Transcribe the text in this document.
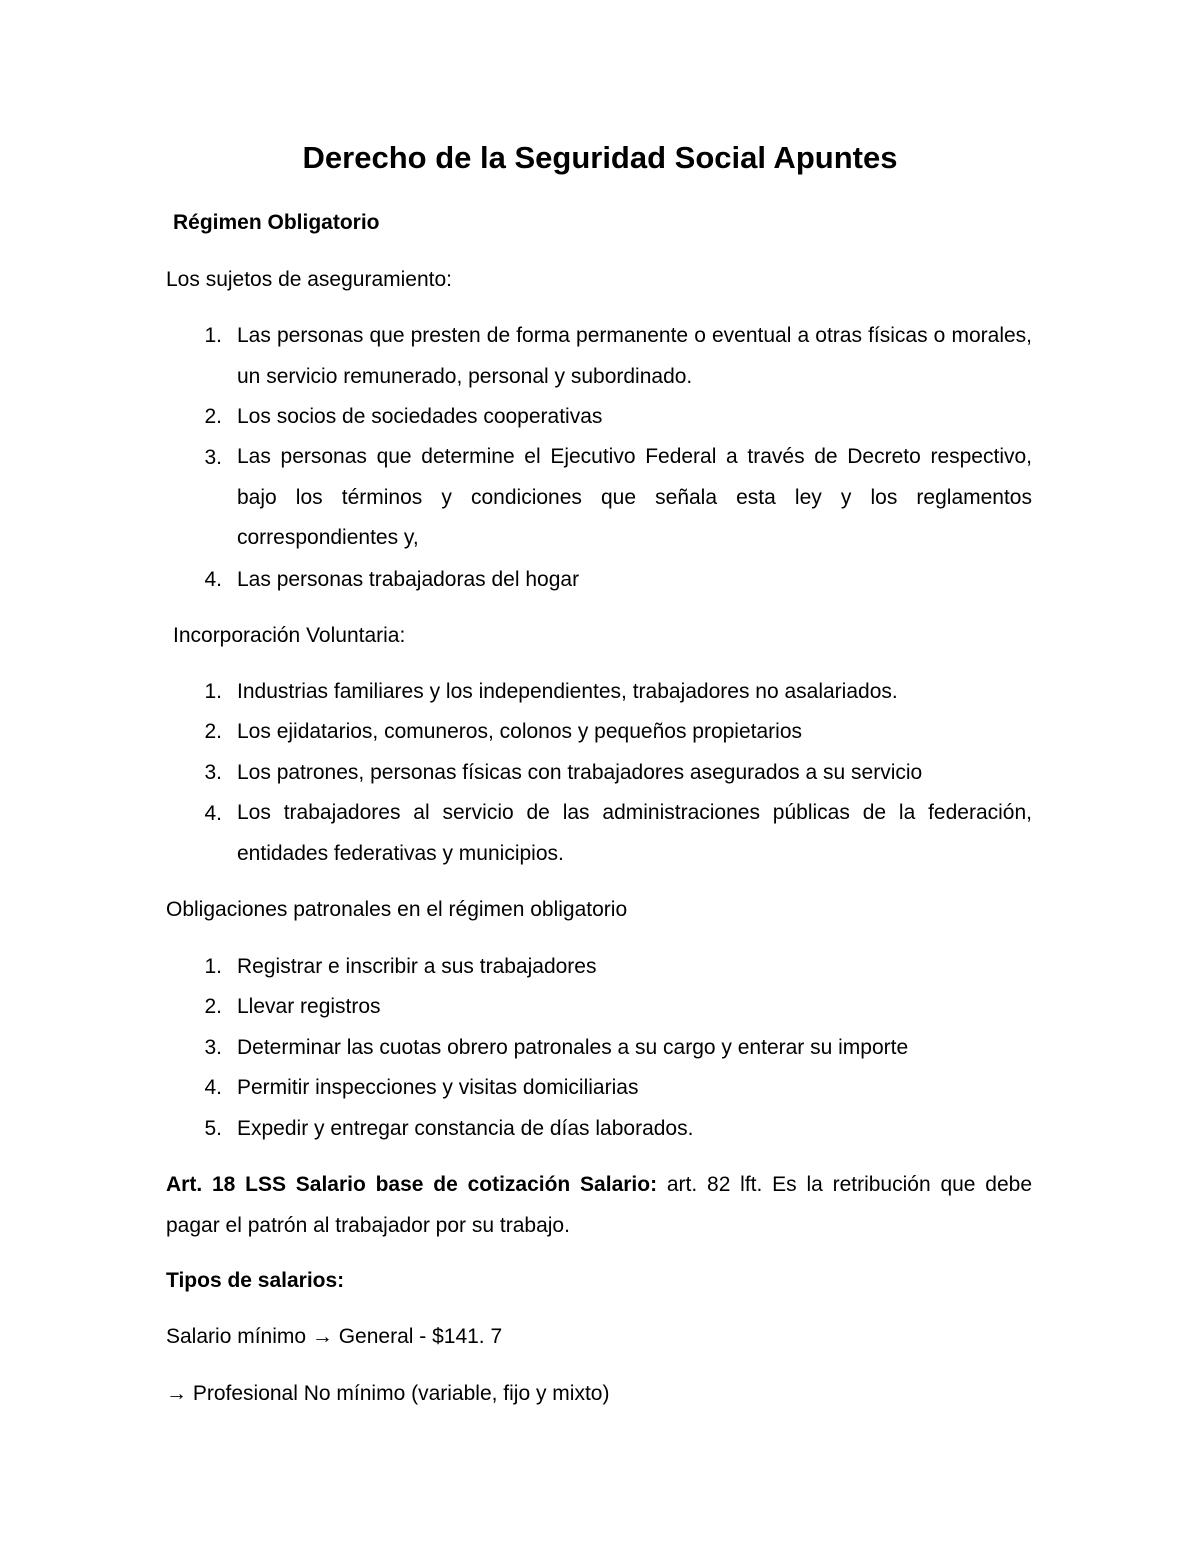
Derecho de la Seguridad Social Apuntes
Régimen Obligatorio
Los sujetos de aseguramiento:
1. Las personas que presten de forma permanente o eventual a otras físicas o morales, un servicio remunerado, personal y subordinado.
2. Los socios de sociedades cooperativas
3. Las personas que determine el Ejecutivo Federal a través de Decreto respectivo, bajo los términos y condiciones que señala esta ley y los reglamentos correspondientes y,
4. Las personas trabajadoras del hogar
Incorporación Voluntaria:
1. Industrias familiares y los independientes, trabajadores no asalariados.
2. Los ejidatarios, comuneros, colonos y pequeños propietarios
3. Los patrones, personas físicas con trabajadores asegurados a su servicio
4. Los trabajadores al servicio de las administraciones públicas de la federación, entidades federativas y municipios.
Obligaciones patronales en el régimen obligatorio
1. Registrar e inscribir a sus trabajadores
2. Llevar registros
3. Determinar las cuotas obrero patronales a su cargo y enterar su importe
4. Permitir inspecciones y visitas domiciliarias
5. Expedir y entregar constancia de días laborados.
Art. 18 LSS Salario base de cotización Salario: art. 82 lft. Es la retribución que debe pagar el patrón al trabajador por su trabajo.
Tipos de salarios:
Salario mínimo → General - $141. 7
→ Profesional No mínimo (variable, fijo y mixto)
